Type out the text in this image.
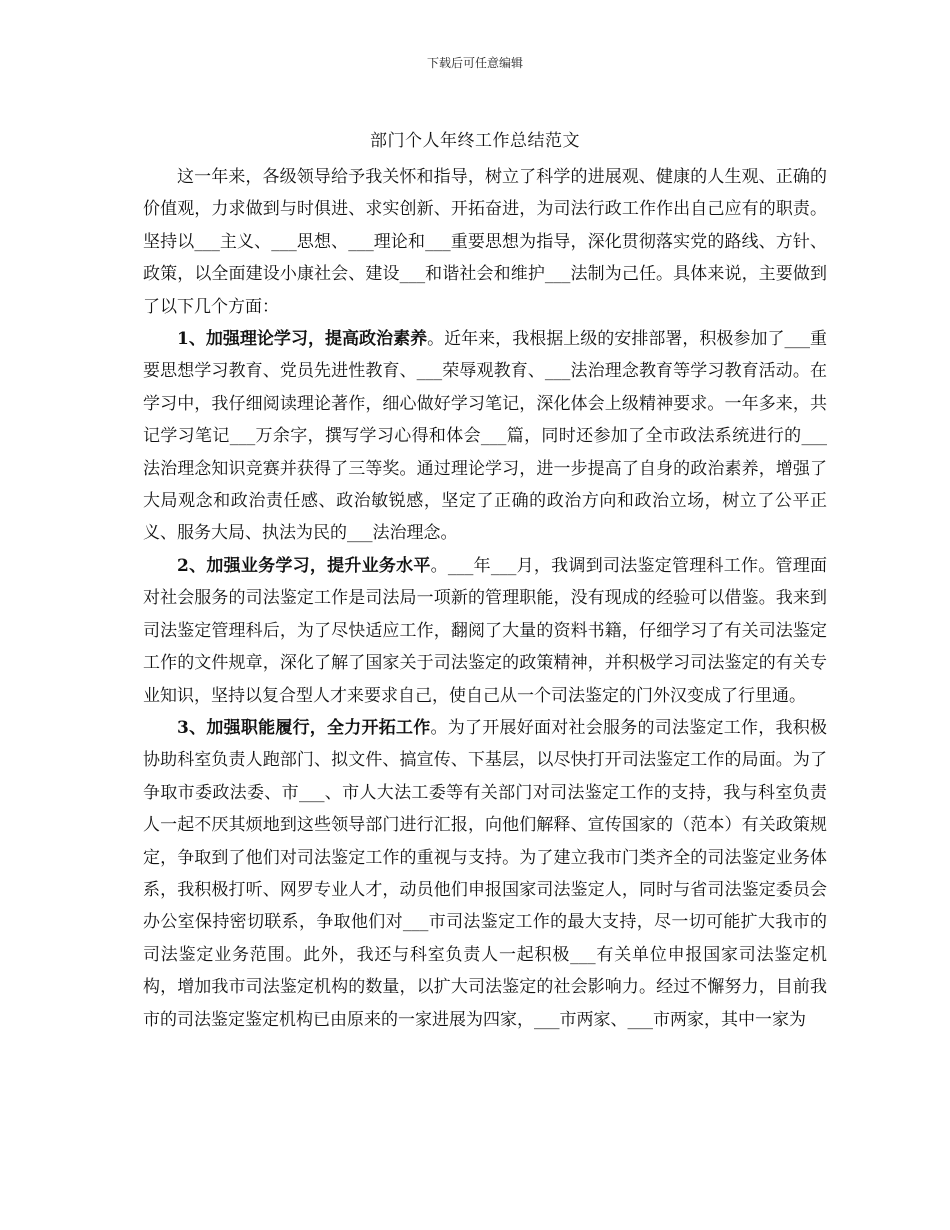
下载后可任意编辑
部门个人年终工作总结范文

这一年来，各级领导给予我关怀和指导，树立了科学的进展观、健康的人生观、正确的价值观，力求做到与时俱进、求实创新、开拓奋进，为司法行政工作作出自己应有的职责。坚持以___主义、___思想、___理论和___重要思想为指导，深化贯彻落实党的路线、方针、政策，以全面建设小康社会、建设___和谐社会和维护___法制为己任。具体来说，主要做到了以下几个方面：

1、加强理论学习，提高政治素养。近年来，我根据上级的安排部署，积极参加了___重要思想学习教育、党员先进性教育、___荣辱观教育、___法治理念教育等学习教育活动。在学习中，我仔细阅读理论著作，细心做好学习笔记，深化体会上级精神要求。一年多来，共记学习笔记___万余字，撰写学习心得和体会___篇，同时还参加了全市政法系统进行的___法治理念知识竞赛并获得了三等奖。通过理论学习，进一步提高了自身的政治素养，增强了大局观念和政治责任感、政治敏锐感，坚定了正确的政治方向和政治立场，树立了公平正义、服务大局、执法为民的___法治理念。

2、加强业务学习，提升业务水平。___年___月，我调到司法鉴定管理科工作。管理面对社会服务的司法鉴定工作是司法局一项新的管理职能，没有现成的经验可以借鉴。我来到司法鉴定管理科后，为了尽快适应工作，翻阅了大量的资料书籍，仔细学习了有关司法鉴定工作的文件规章，深化了解了国家关于司法鉴定的政策精神，并积极学习司法鉴定的有关专业知识，坚持以复合型人才来要求自己，使自己从一个司法鉴定的门外汉变成了行里通。

3、加强职能履行，全力开拓工作。为了开展好面对社会服务的司法鉴定工作，我积极协助科室负责人跑部门、拟文件、搞宣传、下基层，以尽快打开司法鉴定工作的局面。为了争取市委政法委、市___、市人大法工委等有关部门对司法鉴定工作的支持，我与科室负责人一起不厌其烦地到这些领导部门进行汇报，向他们解释、宣传国家的（范本）有关政策规定，争取到了他们对司法鉴定工作的重视与支持。为了建立我市门类齐全的司法鉴定业务体系，我积极打听、网罗专业人才，动员他们申报国家司法鉴定人，同时与省司法鉴定委员会办公室保持密切联系，争取他们对___市司法鉴定工作的最大支持，尽一切可能扩大我市的司法鉴定业务范围。此外，我还与科室负责人一起积极___有关单位申报国家司法鉴定机构，增加我市司法鉴定机构的数量，以扩大司法鉴定的社会影响力。经过不懈努力，目前我市的司法鉴定鉴定机构已由原来的一家进展为四家，___市两家、___市两家，其中一家为
